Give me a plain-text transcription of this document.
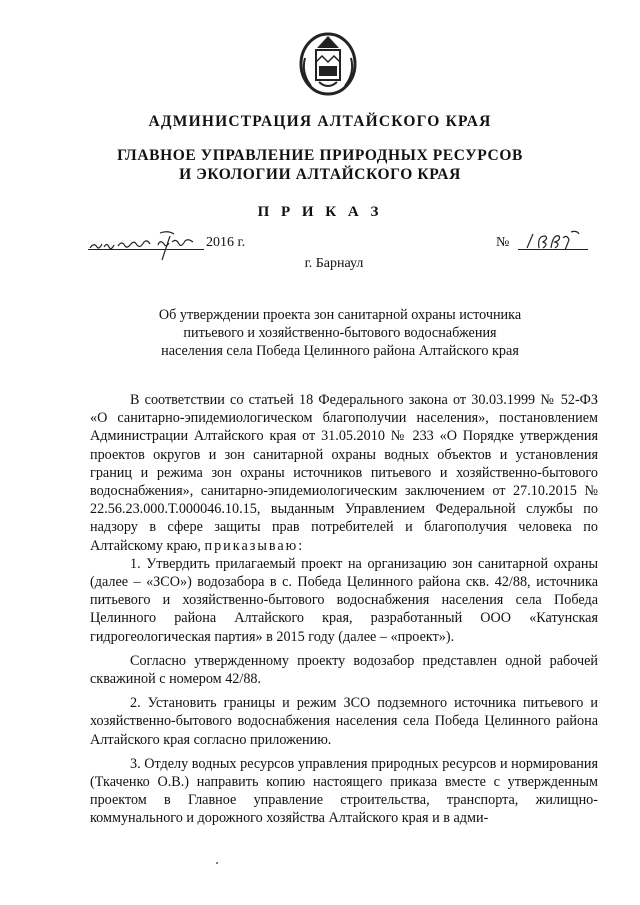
АДМИНИСТРАЦИЯ АЛТАЙСКОГО КРАЯ
ГЛАВНОЕ УПРАВЛЕНИЕ ПРИРОДНЫХ РЕСУРСОВ
И ЭКОЛОГИИ АЛТАЙСКОГО КРАЯ
П Р И К А З
2016 г.	№
г. Барнаул
Об утверждении проекта зон санитарной охраны источника
питьевого и хозяйственно-бытового водоснабжения
населения села Победа Целинного района Алтайского края

В соответствии со статьей 18 Федерального закона от 30.03.1999 № 52-ФЗ «О санитарно-эпидемиологическом благополучии населения», постановлением Администрации Алтайского края от 31.05.2010 № 233 «О Порядке утверждения проектов округов и зон санитарной охраны водных объектов и установления границ и режима зон охраны источников питьевого и хозяйственно-бытового водоснабжения», санитарно-эпидемиологическим заключением от 27.10.2015 № 22.56.23.000.Т.000046.10.15, выданным Управлением Федеральной службы по надзору в сфере защиты прав потребителей и благополучия человека по Алтайскому краю, приказываю:

1. Утвердить прилагаемый проект на организацию зон санитарной охраны (далее – «ЗСО») водозабора в с. Победа Целинного района скв. 42/88, источника питьевого и хозяйственно-бытового водоснабжения населения села Победа Целинного района Алтайского края, разработанный ООО «Катунская гидрогеологическая партия» в 2015 году (далее – «проект»).

Согласно утвержденному проекту водозабор представлен одной рабочей скважиной с номером 42/88.

2. Установить границы и режим ЗСО подземного источника питьевого и хозяйственно-бытового водоснабжения населения села Победа Целинного района Алтайского края согласно приложению.

3. Отделу водных ресурсов управления природных ресурсов и нормирования (Ткаченко О.В.) направить копию настоящего приказа вместе с утвержденным проектом в Главное управление строительства, транспорта, жилищно-коммунального и дорожного хозяйства Алтайского края и в адми-
